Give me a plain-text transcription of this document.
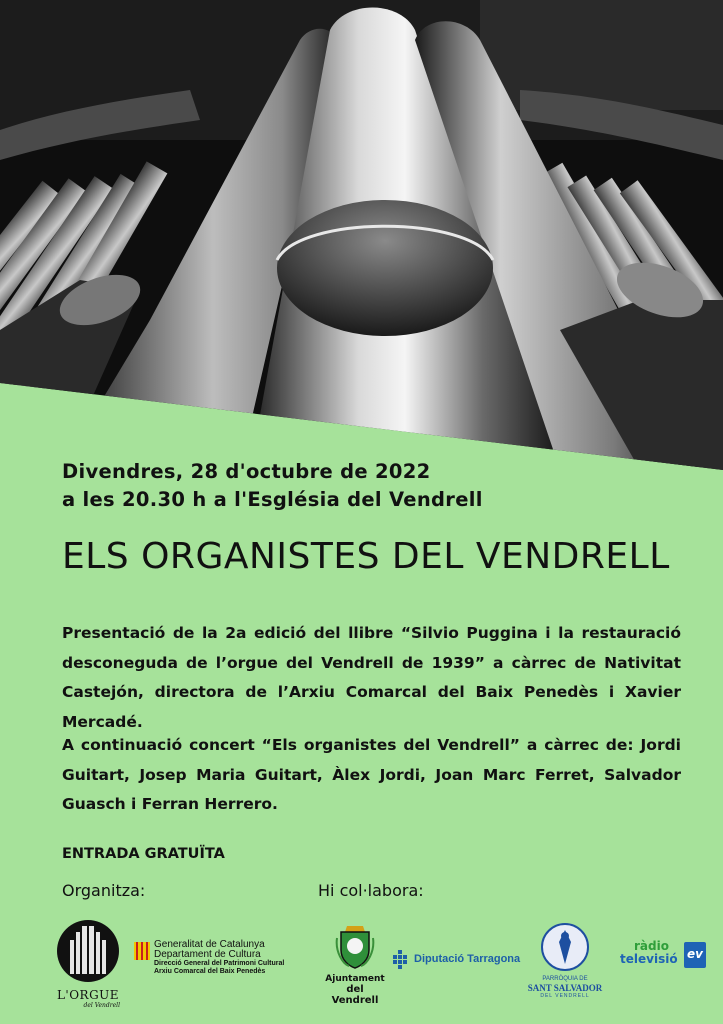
Divendres, 28 d'octubre de 2022
a les 20.30 h a l'Església del Vendrell
ELS ORGANISTES DEL VENDRELL
Presentació de la 2a edició del llibre “Silvio Puggina i la restauració desconeguda de l’orgue del Vendrell de 1939” a càrrec de Nativitat Castejón, directora de l’Arxiu Comarcal del Baix Penedès i Xavier Mercadé.
A continuació concert “Els organistes del Vendrell” a càrrec de: Jordi Guitart, Josep Maria Guitart, Àlex Jordi, Joan Marc Ferret, Salvador Guasch i Ferran Herrero.
ENTRADA GRATUÏTA
Organitza:	Hi col·labora:
L'ORGUE
del Vendrell
Generalitat de Catalunya
Departament de Cultura
Direcció General del Patrimoni Cultural
Arxiu Comarcal del Baix Penedès
Ajuntament
del Vendrell
Diputació Tarragona
PARRÒQUIA DE
SANT SALVADOR
DEL VENDRELL
ràdio
televisió ev
